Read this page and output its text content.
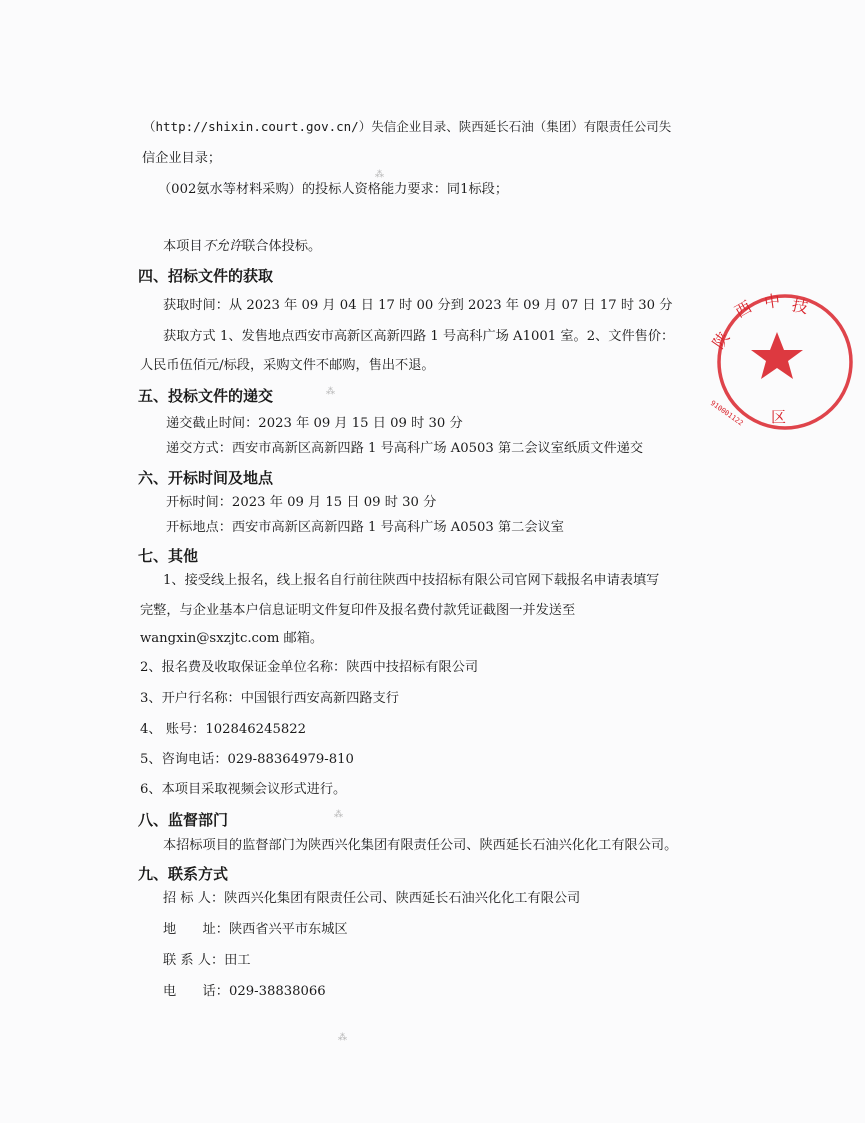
（http://shixin.court.gov.cn/）失信企业目录、陕西延长石油（集团）有限责任公司失
信企业目录；
（002氨水等材料采购）的投标人资格能力要求：同1标段；
本项目不允许联合体投标。
四、招标文件的获取
获取时间：从 2023 年 09 月 04 日 17 时 00 分到 2023 年 09 月 07 日 17 时 30 分
获取方式 1、发售地点西安市高新区高新四路 1 号高科广场 A1001 室。2、文件售价：
人民币伍佰元/标段，采购文件不邮购，售出不退。
五、投标文件的递交
递交截止时间：2023 年 09 月 15 日 09 时 30 分
递交方式：西安市高新区高新四路 1 号高科广场 A0503 第二会议室纸质文件递交
六、开标时间及地点
开标时间：2023 年 09 月 15 日 09 时 30 分
开标地点：西安市高新区高新四路 1 号高科广场 A0503 第二会议室
七、其他
1、接受线上报名，线上报名自行前往陕西中技招标有限公司官网下载报名申请表填写
完整，与企业基本户信息证明文件复印件及报名费付款凭证截图一并发送至
wangxin@sxzjtc.com 邮箱。
2、报名费及收取保证金单位名称：陕西中技招标有限公司
3、开户行名称：中国银行西安高新四路支行
4、 账号：102846245822
5、咨询电话：029-88364979-810
6、本项目采取视频会议形式进行。
八、监督部门
本招标项目的监督部门为陕西兴化集团有限责任公司、陕西延长石油兴化化工有限公司。
九、联系方式
招 标 人：陕西兴化集团有限责任公司、陕西延长石油兴化化工有限公司
地　　址：陕西省兴平市东城区
联 系 人：田工
电　　话：029-38838066
⁂
⁂
⁂
⁂
陕
西 中 技
910001122 区
